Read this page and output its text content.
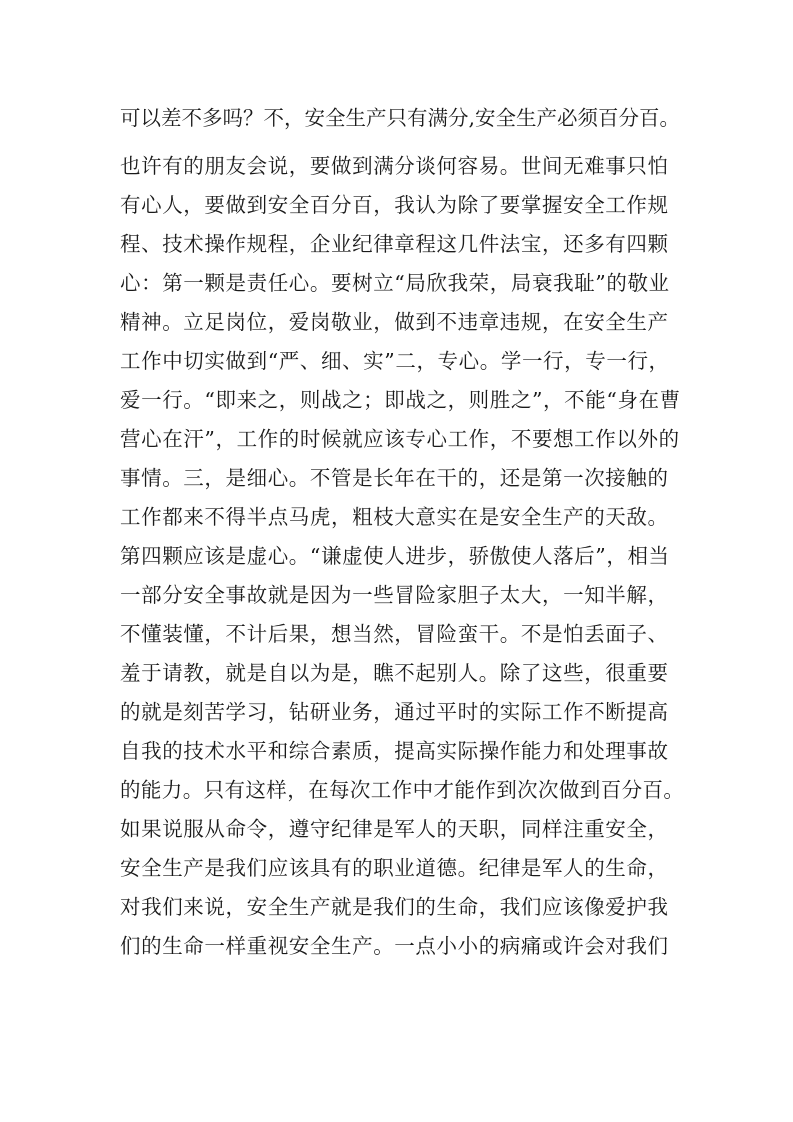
可以差不多吗？不，安全生产只有满分,安全生产必须百分百。
也许有的朋友会说，要做到满分谈何容易。世间无难事只怕
有心人，要做到安全百分百，我认为除了要掌握安全工作规
程、技术操作规程，企业纪律章程这几件法宝，还多有四颗
心：第一颗是责任心。要树立“局欣我荣，局衰我耻”的敬业
精神。立足岗位，爱岗敬业，做到不违章违规，在安全生产
工作中切实做到“严、细、实”二，专心。学一行，专一行，
爱一行。“即来之，则战之；即战之，则胜之”，不能“身在曹
营心在汗”，工作的时候就应该专心工作，不要想工作以外的
事情。三，是细心。不管是长年在干的，还是第一次接触的
工作都来不得半点马虎，粗枝大意实在是安全生产的天敌。
第四颗应该是虚心。“谦虚使人进步，骄傲使人落后”，相当
一部分安全事故就是因为一些冒险家胆子太大，一知半解，
不懂装懂，不计后果，想当然，冒险蛮干。不是怕丢面子、
羞于请教，就是自以为是，瞧不起别人。除了这些，很重要
的就是刻苦学习，钻研业务，通过平时的实际工作不断提高
自我的技术水平和综合素质，提高实际操作能力和处理事故
的能力。只有这样，在每次工作中才能作到次次做到百分百。
如果说服从命令，遵守纪律是军人的天职，同样注重安全，
安全生产是我们应该具有的职业道德。纪律是军人的生命，
对我们来说，安全生产就是我们的生命，我们应该像爱护我
们的生命一样重视安全生产。一点小小的病痛或许会对我们
